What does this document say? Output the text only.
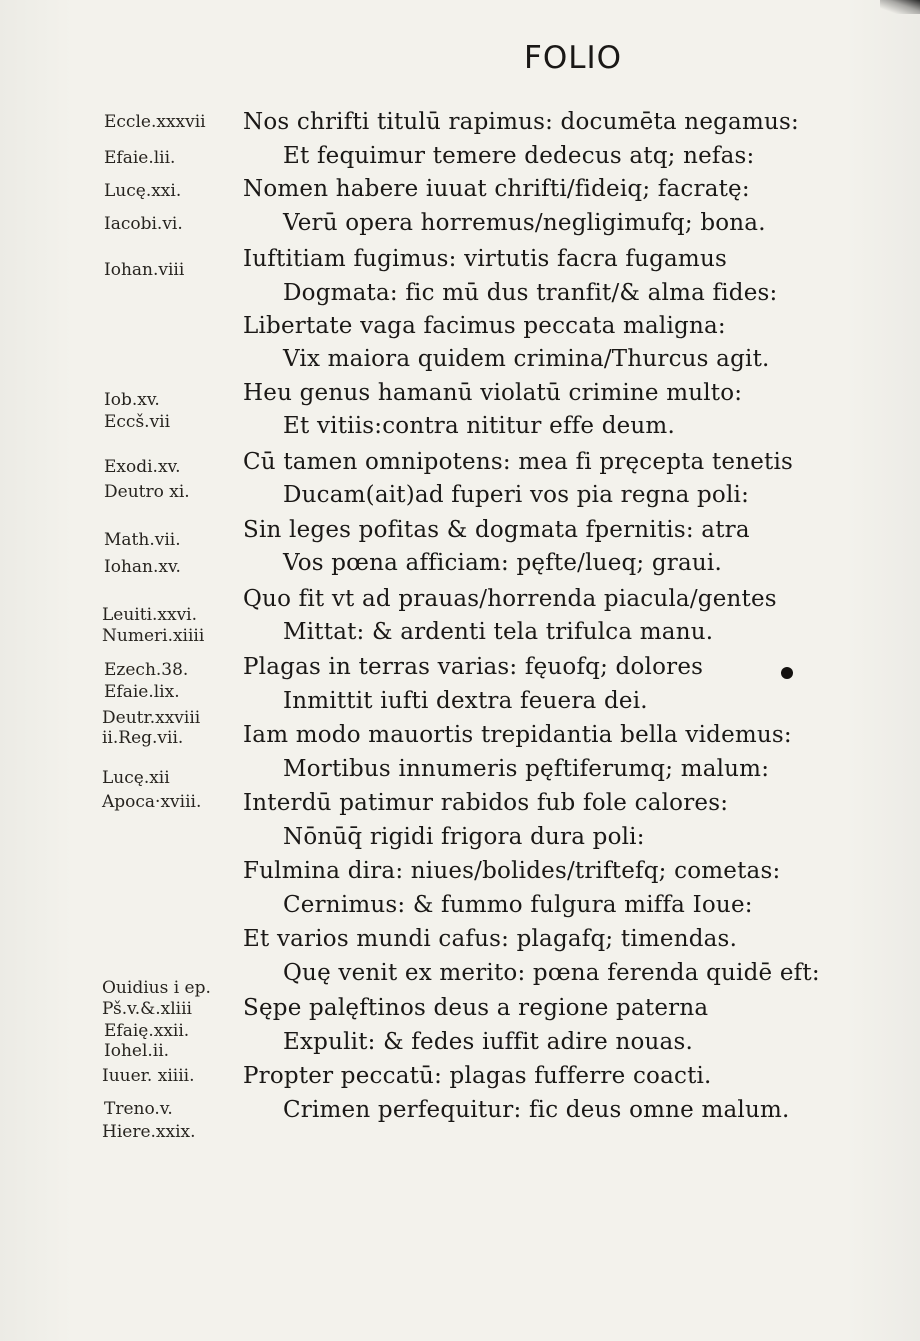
FOLIO
Eccle.xxxvii
Efaie.lii.
Lucę.xxi.
Iacobi.vi.
Iohan.viii
Iob.xv.
Eccš.vii
Exodi.xv.
Deutro xi.
Math.vii.
Iohan.xv.
Leuiti.xxvi.
Numeri.xiiii
Ezech.38.
Efaie.lix.
Deutr.xxviii
ii.Reg.vii.
Lucę.xii
Apoca·xviii.
Ouidius i ep.
Pš.v.&.xliii
Efaię.xxii.
Iohel.ii.
Iuuer. xiiii.
Treno.v.
Hiere.xxix.
Nos chrifti titulū rapimus: documēta negamus:
Et fequimur temere dedecus atq; nefas:
Nomen habere iuuat chrifti/fideiq; facratę:
Verū opera horremus/negligimufq; bona.
Iuftitiam fugimus: virtutis facra fugamus
Dogmata: fic mū dus tranfit/& alma fides:
Libertate vaga facimus peccata maligna:
Vix maiora quidem crimina/Thurcus agit.
Heu genus hamanū violatū crimine multo:
Et vitiis:contra nititur effe deum.
Cū tamen omnipotens: mea fi pręcepta tenetis
Ducam(ait)ad fuperi vos pia regna poli:
Sin leges pofitas & dogmata fpernitis: atra
Vos pœna afficiam: pęfte/lueq; graui.
Quo fit vt ad prauas/horrenda piacula/gentes
Mittat: & ardenti tela trifulca manu.
Plagas in terras varias: fęuofq; dolores
Inmittit iufti dextra feuera dei.
Iam modo mauortis trepidantia bella videmus:
Mortibus innumeris pęftiferumq; malum:
Interdū patimur rabidos fub fole calores:
Nōnūq̄ rigidi frigora dura poli:
Fulmina dira: niues/bolides/triftefq; cometas:
Cernimus: & fummo fulgura miffa Ioue:
Et varios mundi cafus: plagafq; timendas.
Quę venit ex merito: pœna ferenda quidē eft:
Sępe palęftinos deus a regione paterna
Expulit: & fedes iuffit adire nouas.
Propter peccatū: plagas fufferre coacti.
Crimen perfequitur: fic deus omne malum.
